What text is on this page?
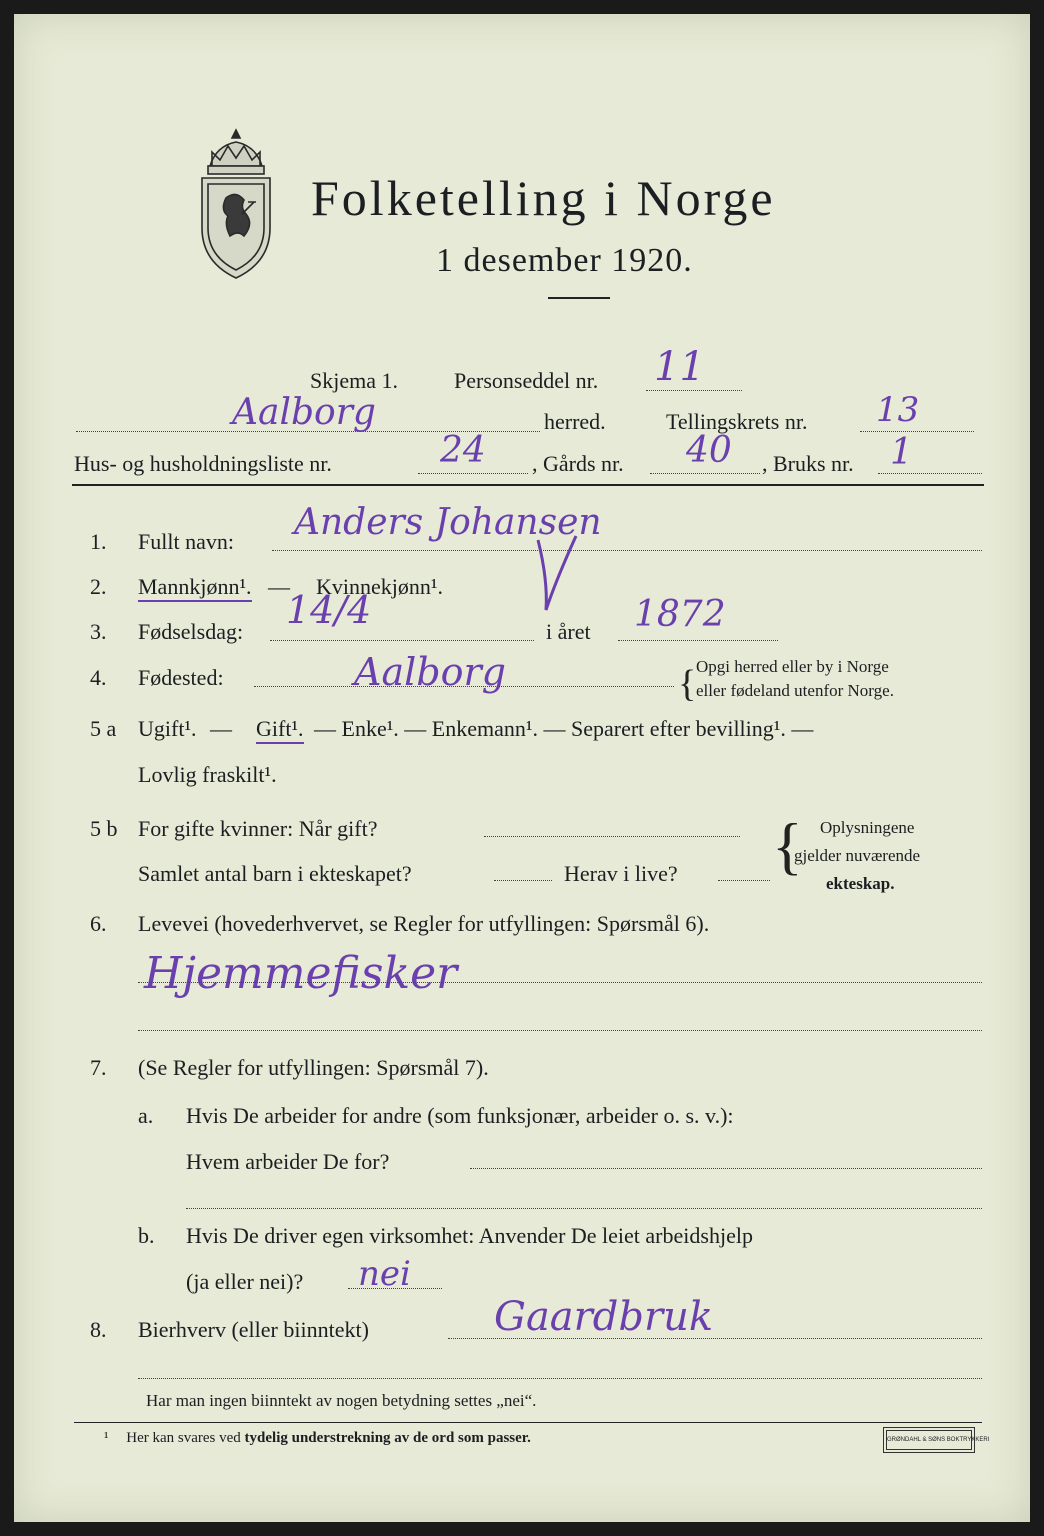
Folketelling i Norge
1 desember 1920.
Skjema 1.	Personseddel nr. 11
Aalborg	herred.	Tellingskrets nr. 13
Hus- og husholdningsliste nr.	24 , Gårds nr. 40 , Bruks nr. 1
1. Fullt navn: Anders Johansen
2. Mannkjønn¹. — Kvinnekjønn¹.
3. Fødselsdag: 14/4	i året 1872
4. Fødested:	Aalborg	{ Opgi herred eller by i Norge
eller fødeland utenfor Norge.
5 a Ugift¹. — Gift¹. — Enke¹. — Enkemann¹. — Separert efter bevilling¹. —
Lovlig fraskilt¹.
5 b For gifte kvinner: Når gift?
Samlet antal barn i ekteskapet?	Herav i live? { Oplysningene
gjelder nuværende
ekteskap.
6. Levevei (hovederhvervet, se Regler for utfyllingen: Spørsmål 6).
Hjemmefisker
7. (Se Regler for utfyllingen: Spørsmål 7).
a. Hvis De arbeider for andre (som funksjonær, arbeider o. s. v.):
Hvem arbeider De for?
b. Hvis De driver egen virksomhet: Anvender De leiet arbeidshjelp
(ja eller nei)? nei
8. Bierhverv (eller biinntekt)	Gaardbruk
Har man ingen biinntekt av nogen betydning settes „nei“.
¹ Her kan svares ved tydelig understrekning av de ord som passer.	GRØNDAHL & SØNS BOKTRYKKERI
